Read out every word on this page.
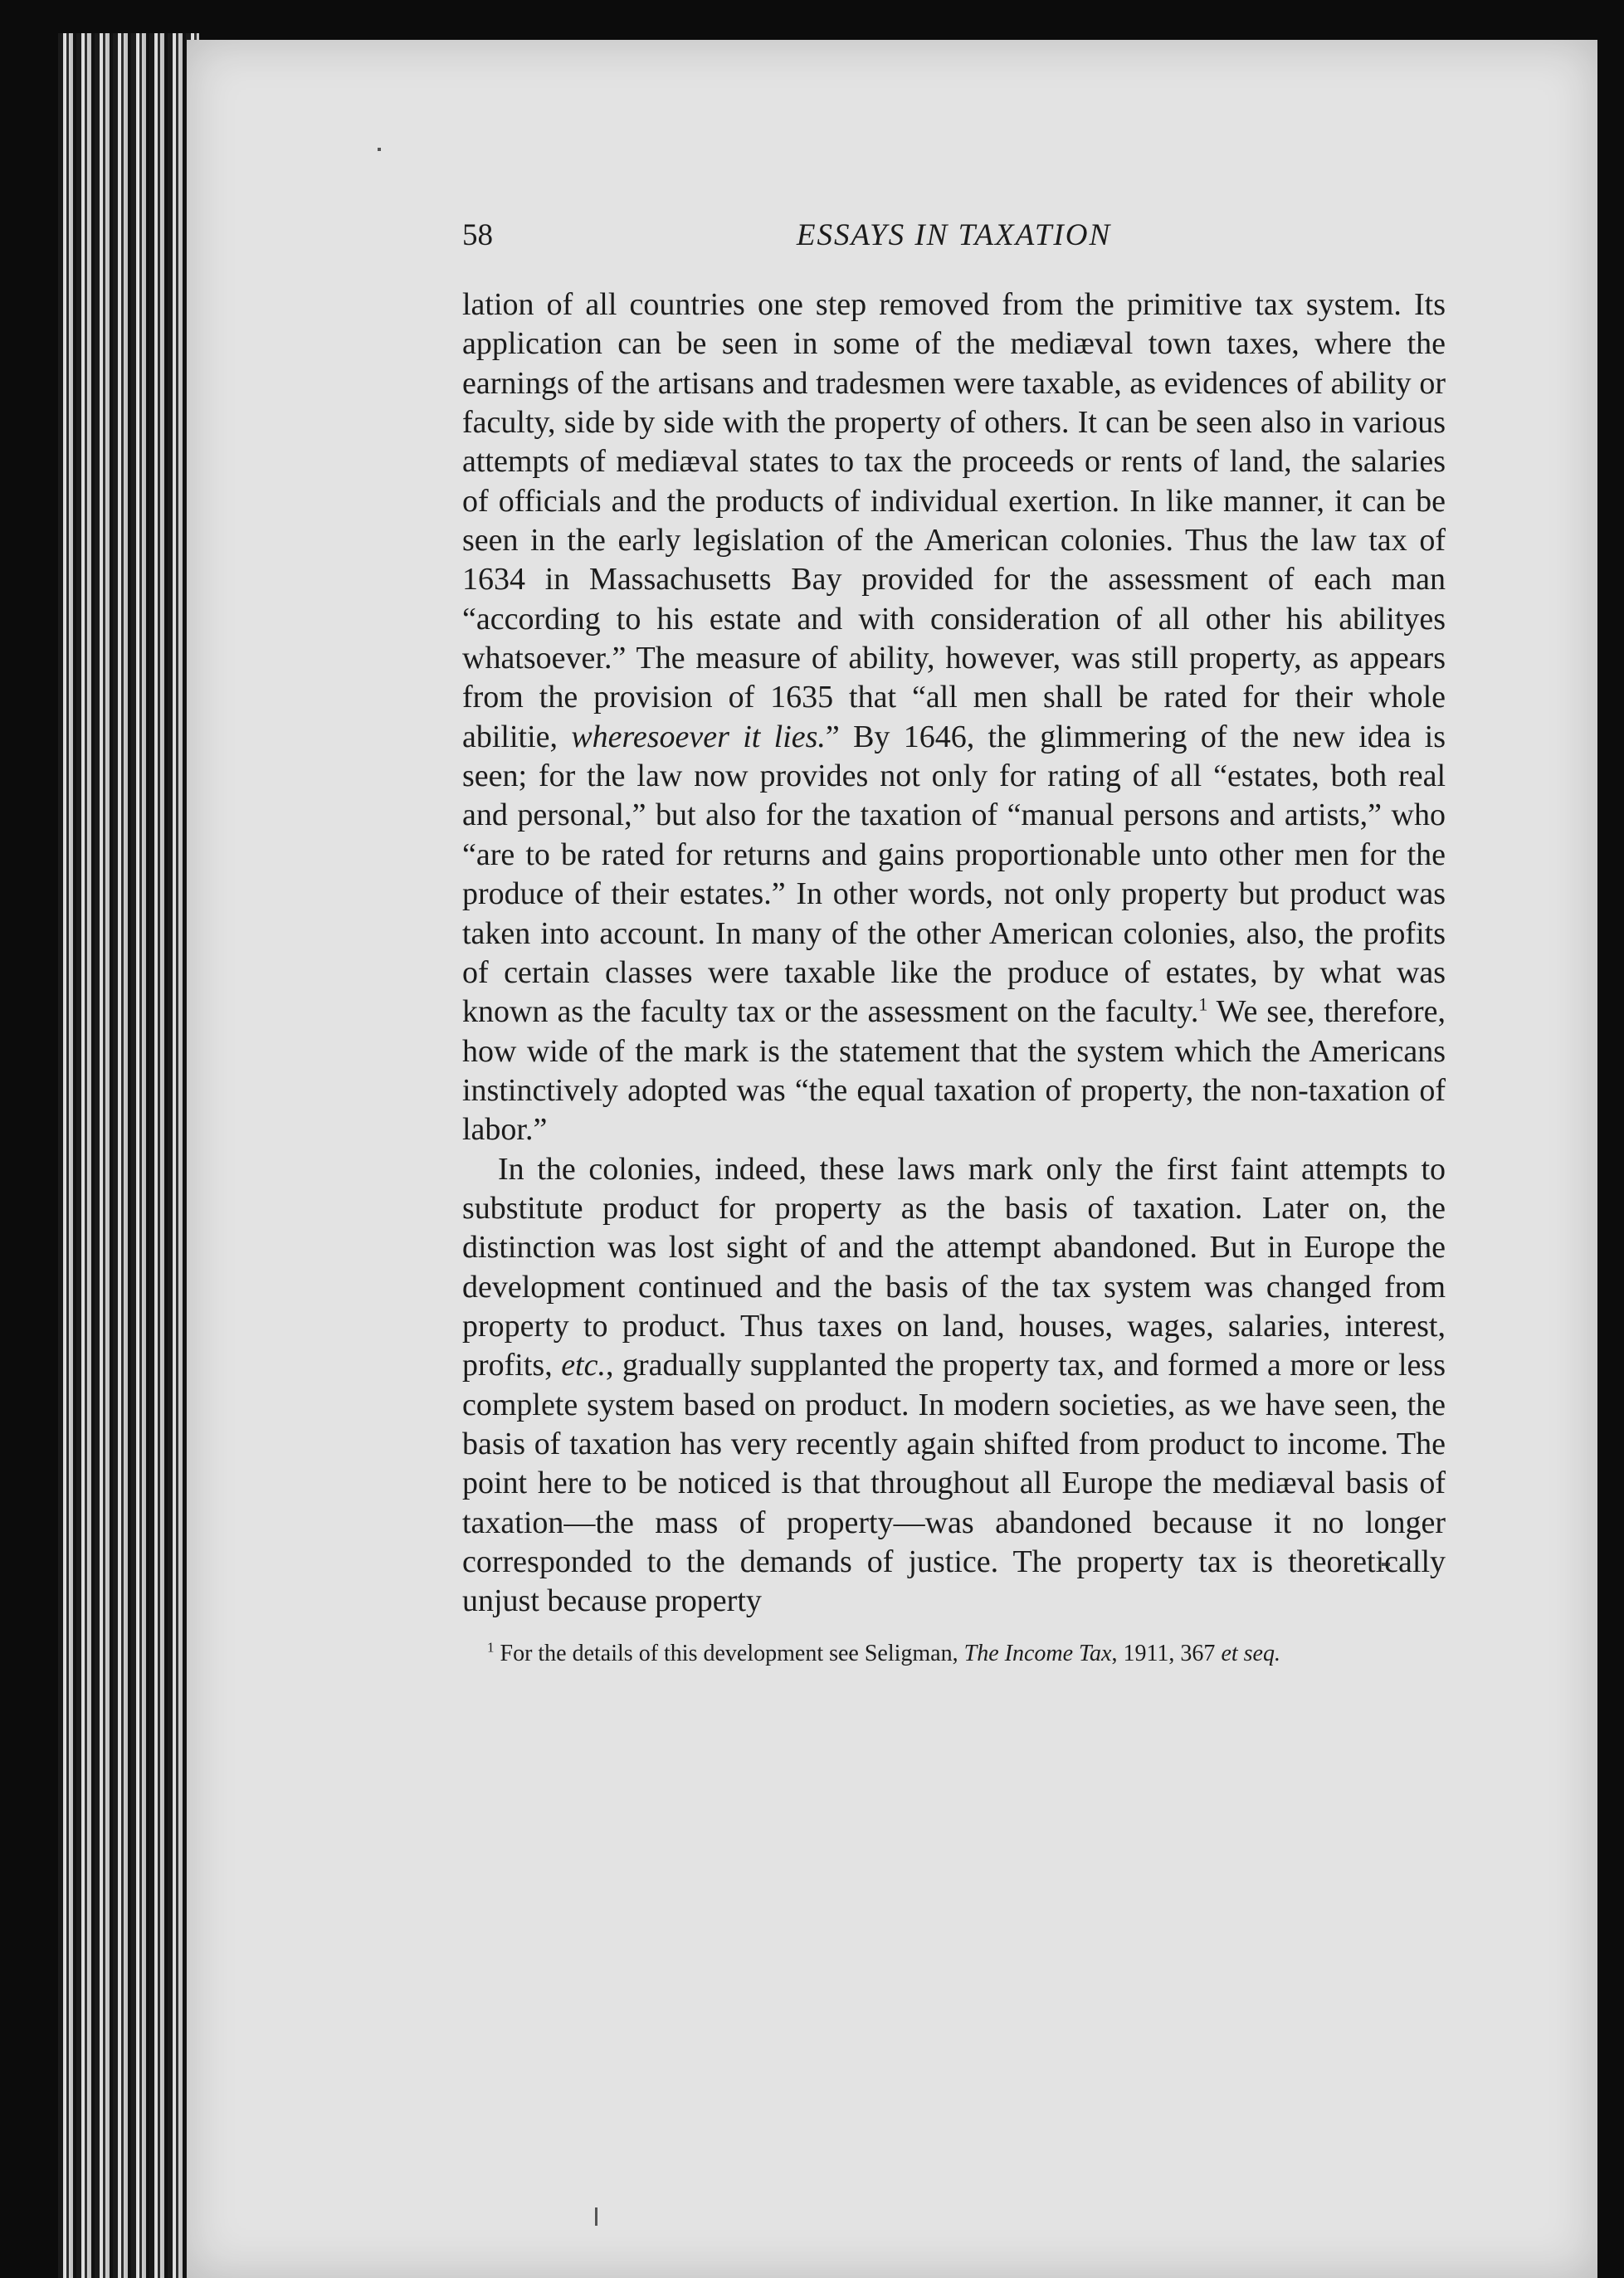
58	ESSAYS IN TAXATION

lation of all countries one step removed from the primitive tax system. Its application can be seen in some of the mediæval town taxes, where the earnings of the artisans and tradesmen were taxable, as evidences of ability or faculty, side by side with the property of others. It can be seen also in various attempts of mediæval states to tax the proceeds or rents of land, the salaries of officials and the products of individual exertion. In like manner, it can be seen in the early legislation of the American colonies. Thus the law tax of 1634 in Massachusetts Bay provided for the assessment of each man “according to his estate and with consideration of all other his abilityes whatsoever.” The measure of ability, however, was still property, as appears from the provision of 1635 that “all men shall be rated for their whole abilitie, wheresoever it lies.” By 1646, the glimmering of the new idea is seen; for the law now provides not only for rating of all “estates, both real and personal,” but also for the taxation of “manual persons and artists,” who “are to be rated for returns and gains proportionable unto other men for the produce of their estates.” In other words, not only property but product was taken into account. In many of the other American colonies, also, the profits of certain classes were taxable like the produce of estates, by what was known as the faculty tax or the assessment on the faculty.$^1$ We see, therefore, how wide of the mark is the statement that the system which the Americans instinctively adopted was “the equal taxation of property, the non-taxation of labor.”

In the colonies, indeed, these laws mark only the first faint attempts to substitute product for property as the basis of taxation. Later on, the distinction was lost sight of and the attempt abandoned. But in Europe the development continued and the basis of the tax system was changed from property to product. Thus taxes on land, houses, wages, salaries, interest, profits, etc., gradually supplanted the property tax, and formed a more or less complete system based on product. In modern societies, as we have seen, the basis of taxation has very recently again shifted from product to income. The point here to be noticed is that throughout all Europe the mediæval basis of taxation—the mass of property—was abandoned because it no longer corresponded to the demands of justice. The property tax is theoretically unjust because property

$^1$ For the details of this development see Seligman, The Income Tax, 1911, 367 et seq.
